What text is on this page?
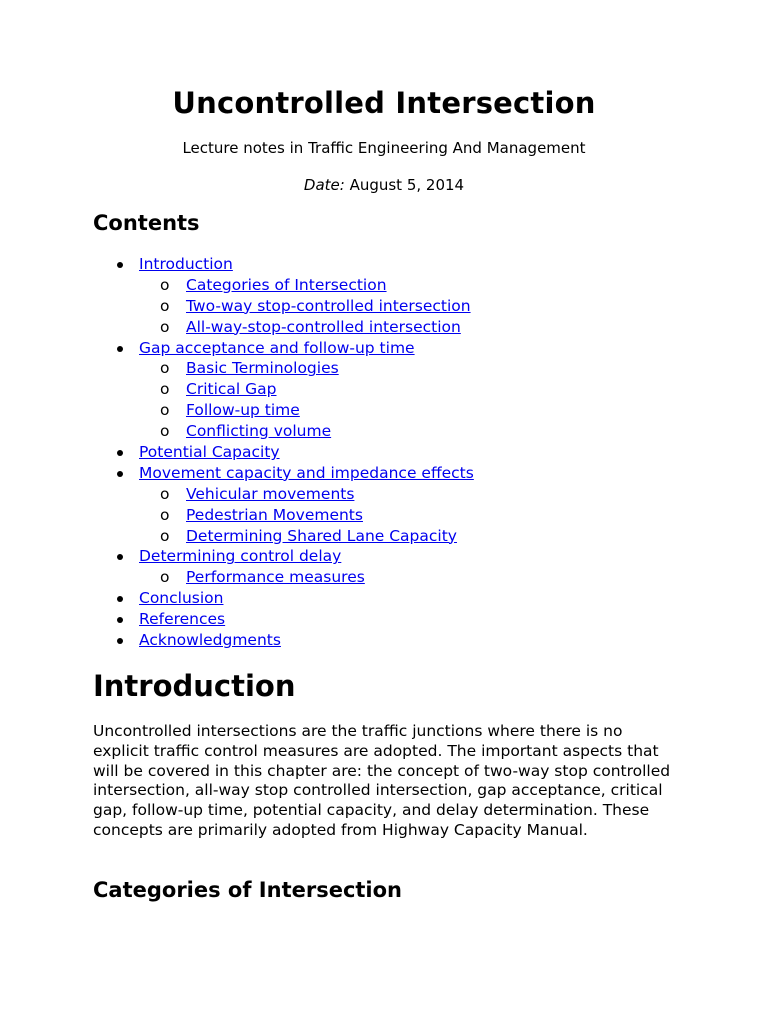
Uncontrolled Intersection
Lecture notes in Traffic Engineering And Management
Date: August 5, 2014
Contents
Introduction
o Categories of Intersection
o Two-way stop-controlled intersection
o All-way-stop-controlled intersection
Gap acceptance and follow-up time
o Basic Terminologies
o Critical Gap
o Follow-up time
o Conflicting volume
Potential Capacity
Movement capacity and impedance effects
o Vehicular movements
o Pedestrian Movements
o Determining Shared Lane Capacity
Determining control delay
o Performance measures
Conclusion
References
Acknowledgments
Introduction

Uncontrolled intersections are the traffic junctions where there is no explicit traffic control measures are adopted. The important aspects that will be covered in this chapter are: the concept of two-way stop controlled intersection, all-way stop controlled intersection, gap acceptance, critical gap, follow-up time, potential capacity, and delay determination. These concepts are primarily adopted from Highway Capacity Manual.

Categories of Intersection
